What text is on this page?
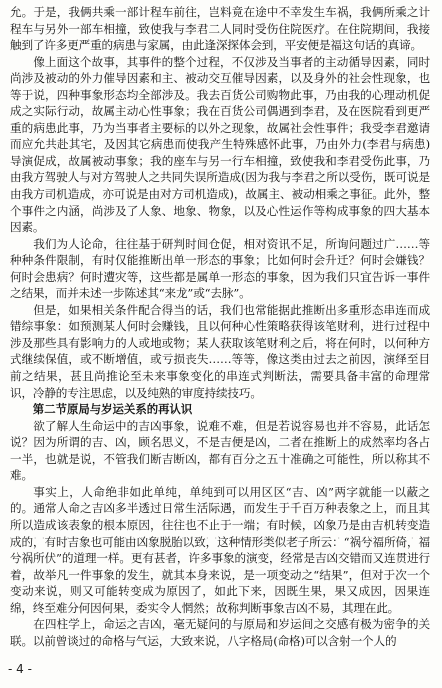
允。于是，我俩共乘一部计程车前往，岂料竟在途中不幸发生车祸，我俩所乘之计程车与另外一部车相撞，致使我与李君二人同时受伤住院医疗。在住院期间，我接触到了许多更严重的病患与家属，由此逢深探体会到，平安便是福这句话的真谛。

像上面这个故事，其事件的整个过程，不仅涉及当事者的主动循导因素，同时尚涉及被动的外力催导因素和主、被动交互催导因素，以及身外的社会性现象，也等于说，四种事象形态均全部涉及。我去百货公司购物此事，乃由我的心理动机促成之实际行动，故属主动心性事象；我在百货公司偶遇到李君，及在医院看到更严重的病患此事，乃为当事者主要标的以外之现象，故属社会性事件；我受李君邀请而应允共赴其宅，及因其它病患而使我产生特殊感怀此事，乃由外力(李君与病患)导演促成，故属被动事象；我的座车与另一行车相撞，致使我和李君受伤此事，乃由我方驾驶人与对方驾驶人之共同失误所造成(因为我与李君之所以受伤，既可说是由我方司机造成，亦可说是由对方司机造成)，故属主、被动相乘之事征。此外，整个事件之内涵，尚涉及了人象、地象、物象，以及心性运作等构成事象的四大基本因素。

我们为人论命，往往基于研判时间仓促，相对资讯不足，所询问题过广……等种种条件限制，有时仅能推断出单一形态的事象；比如何时会升迁？何时会嫌钱？何时会患病？何时遭灾等，这些都是属单一形态的事象，因为我们只宜告诉一事件之结果，而并未述一步陈述其“来龙”或“去脉”。

但是，如果相关条件配合得当的话，我们也常能据此推断出多重形态串连而成错综事象：如预测某人何时会赚钱，且以何种心性策略获得该笔财利，进行过程中涉及那些具有影响力的人或地或物；某人获取该笔财利之后，将在何时，以何种方式继续保值，或不断增值，或亏损丧失……等等，像这类由过去之前因，演绎至目前之结果，甚且尚推论至未来事象变化的串连式判断法，需要具备丰富的命理常识，冷静的专注思虑，以及纯熟的审度持续技巧。

第二节原局与岁运关系的再认识

欲了解人生命运中的吉凶事象，说难不难，但是若说容易也并不容易，此话怎说？因为所谓的吉、凶，顾名思义，不是吉便是凶，二者在推断上的成然率均各占一半，也就是说，不管我们断吉断凶，都有百分之五十准确之可能性，所以称其不难。

事实上，人命绝非如此单纯，单纯到可以用区区“吉、凶”两字就能一以蔽之的。通常人命之吉凶多半透过日常生活际遇，而发生于千百万种表象之上，而且其所以造成该表象的根本原因，往往也不止于一端；有时候，凶象乃是由吉机转变造成的，有时吉象也可能由凶象脱胎以致，这种情形类似老子所云：“祸兮福所倚，福兮祸所伏”的道理一样。更有甚者，许多事象的演变，经常是吉凶交错而又连贯进行着，故举凡一件事象的发生，就其本身来说，是一项变动之“结果”，但对于次一个变动来说，则又可能转变成为原因了，如此下来，因既生果，果又成因，因果连绵，终至难分何因何果，委实令人惘然；故称判断事象吉凶不易，其理在此。

在四柱学上，命运之吉凶，毫无疑问的与原局和岁运间之交感有极为密争的关联。以前曾谈过的命格与气运，大致来说，八字格局(命格)可以含射一个人的

- 4 -
